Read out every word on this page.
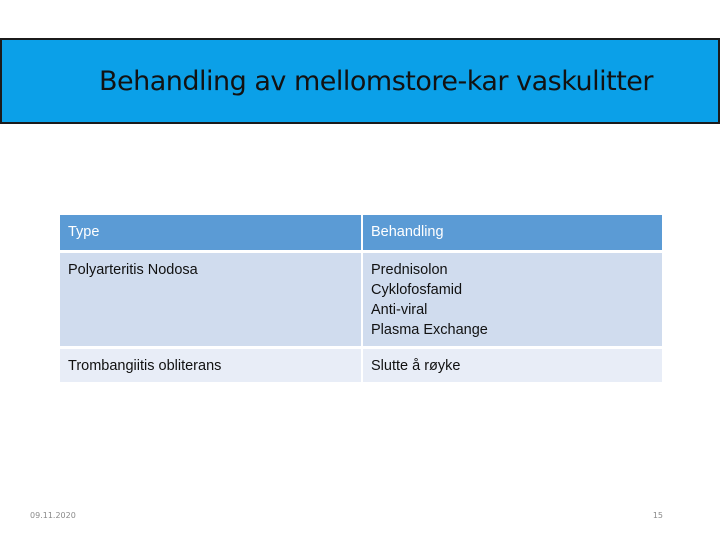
Behandling av mellomstore-kar vaskulitter
Type	Behandling
Polyarteritis Nodosa	Prednisolon
Cyklofosfamid
Anti-viral
Plasma Exchange

Trombangiitis obliterans	Slutte å røyke
09.11.2020	15
